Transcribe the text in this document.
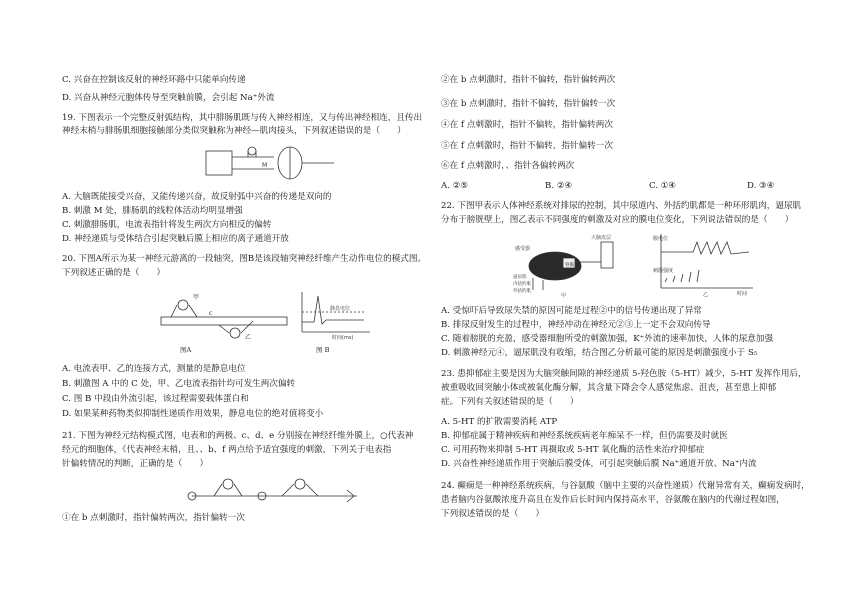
C. 兴奋在控制该反射的神经环路中只能单向传递
D. 兴奋从神经元胞体传导至突触前膜，会引起 Na⁺外流
19. 下图表示一个完整反射弧结构，其中腓肠肌既与传入神经相连，又与传出神经相连，且传出
神经末梢与腓肠肌细胞接触部分类似突触称为神经—肌肉接头，下列叙述错误的是（　　）
M
A. 大脑既能接受兴奋，又能传递兴奋，故反射弧中兴奋的传递是双向的
B. 刺激 M 处，腓肠肌的线粒体活动均明显增强
C. 刺激腓肠肌，电流表指针将发生两次方向相反的偏转
D. 神经递质与受体结合引起突触后膜上相应的离子通道开放
20. 下图A所示为某一神经元游离的一段轴突，图B是该段轴突神经纤维产生动作电位的模式图。
下列叙述正确的是（　　）
甲
乙
c
图A
静息电位
时间(ms)
图 B
A. 电流表甲、乙的连接方式，测量的是静息电位
B. 刺激图 A 中的 C 处，甲、乙电流表指针均可发生两次偏转
C. 图 B 中段由外流引起，该过程需要载体蛋白和
D. 如果某种药物类似抑制性递质作用效果，静息电位的绝对值将变小
21. 下图为神经元结构模式图，电表和的两极、c、d、e 分别接在神经纤维外膜上，○代表神
经元的细胞体，《代表神经末梢，且、、b、f 两点给予适宜强度的刺激，下列关于电表指
针偏转情况的判断，正确的是（　　）
①在 b 点刺激时，指针偏转两次，指针偏转一次
②在 b 点刺激时，指针不偏转，指针偏转两次
③在 b 点刺激时，指针不偏转，指针偏转一次
④在 f 点刺激时，指针不偏转，指针偏转两次
⑤在 f 点刺激时，指针不偏转，指针偏转一次
⑥在 f 点刺激时，、指针各偏转两次
A. ②⑤	B. ②④	C. ①④	D. ③④
22. 下图甲表示人体神经系统对排尿的控制，其中尿道内、外括约肌都是一种环形肌肉，逼尿肌
分布于膀胱壁上，图乙表示不同强度的刺激及对应的膜电位变化，下列说法错误的是（　　）
大脑皮层
脊髓
感受器
逼尿肌
内括约肌
外括约肌
甲
膜电位
刺激强度
时间
乙
A. 受惊吓后导致尿失禁的原因可能是过程②中的信号传递出现了异常
B. 排尿反射发生的过程中，神经冲动在神经元②③上一定不会双向传导
C. 随着膀胱的充盈，感受器细胞所受的刺激加强，K⁺外流的速率加快，人体的尿意加强
D. 刺激神经元④，逼尿肌没有收缩，结合图乙分析最可能的原因是刺激强度小于 S₅
23. 患抑郁症主要是因为大脑突触间隙的神经递质 5-羟色胺（5-HT）减少，5-HT 发挥作用后，
被重吸收回突触小体或被氧化酶分解，其含量下降会令人感觉焦虑、沮丧，甚至患上抑郁
症。下列有关叙述错误的是（　　）
A. 5-HT 的扩散需要消耗 ATP
B. 抑郁症属于精神疾病和神经系统疾病老年痴呆不一样，但仍需要及时就医
C. 可用药物来抑制 5-HT 再摄取或 5-HT 氧化酶的活性来治疗抑郁症
D. 兴奋性神经递质作用于突触后膜受体，可引起突触后膜 Na⁺通道开放、Na⁺内流
24. 癫痫是一种神经系统疾病，与谷氨酸（脑中主要的兴奋性递质）代谢异常有关，癫痫发病时，
患者脑内谷氨酸浓度升高且在发作后长时间内保持高水平，谷氨酸在脑内的代谢过程如图，
下列叙述错误的是（　　）
